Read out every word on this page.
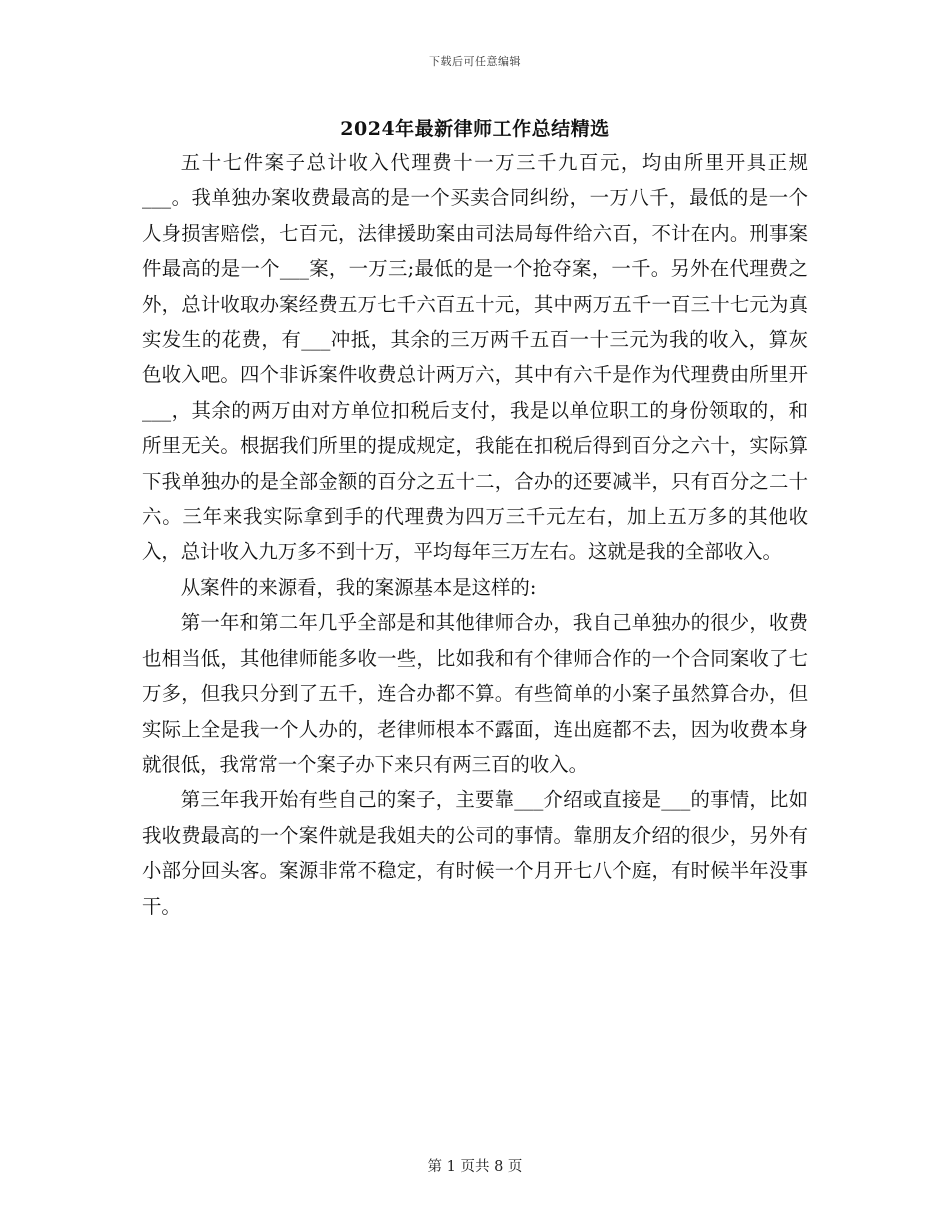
下载后可任意编辑
2024年最新律师工作总结精选

五十七件案子总计收入代理费十一万三千九百元，均由所里开具正规___。我单独办案收费最高的是一个买卖合同纠纷，一万八千，最低的是一个人身损害赔偿，七百元，法律援助案由司法局每件给六百，不计在内。刑事案件最高的是一个___案，一万三;最低的是一个抢夺案，一千。另外在代理费之外，总计收取办案经费五万七千六百五十元，其中两万五千一百三十七元为真实发生的花费，有___冲抵，其余的三万两千五百一十三元为我的收入，算灰色收入吧。四个非诉案件收费总计两万六，其中有六千是作为代理费由所里开___，其余的两万由对方单位扣税后支付，我是以单位职工的身份领取的，和所里无关。根据我们所里的提成规定，我能在扣税后得到百分之六十，实际算下我单独办的是全部金额的百分之五十二，合办的还要减半，只有百分之二十六。三年来我实际拿到手的代理费为四万三千元左右，加上五万多的其他收入，总计收入九万多不到十万，平均每年三万左右。这就是我的全部收入。

从案件的来源看，我的案源基本是这样的:

第一年和第二年几乎全部是和其他律师合办，我自己单独办的很少，收费也相当低，其他律师能多收一些，比如我和有个律师合作的一个合同案收了七万多，但我只分到了五千，连合办都不算。有些简单的小案子虽然算合办，但实际上全是我一个人办的，老律师根本不露面，连出庭都不去，因为收费本身就很低，我常常一个案子办下来只有两三百的收入。

第三年我开始有些自己的案子，主要靠___介绍或直接是___的事情，比如我收费最高的一个案件就是我姐夫的公司的事情。靠朋友介绍的很少，另外有小部分回头客。案源非常不稳定，有时候一个月开七八个庭，有时候半年没事干。

第 1 页共 8 页
